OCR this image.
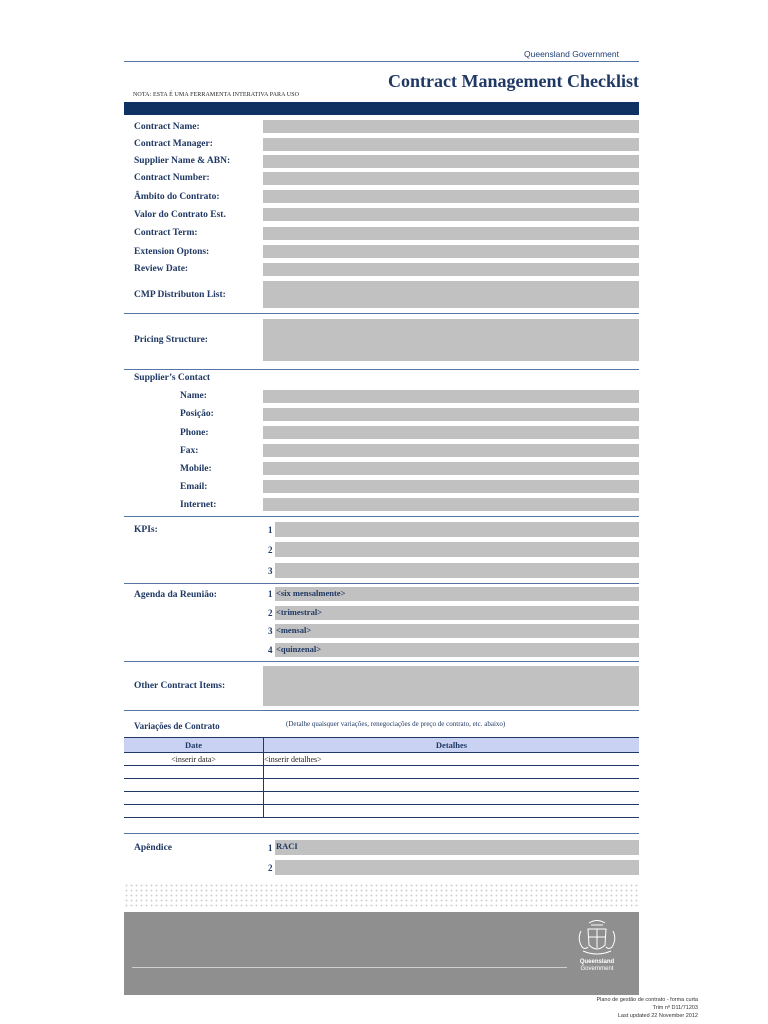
Queensland Government
Contract Management Checklist
NOTA: ESTA É UMA FERRAMENTA INTERATIVA PARA USO
Contract Name:
Contract Manager:
Supplier Name & ABN:
Contract Number:
Âmbito do Contrato:
Valor do Contrato Est.
Contract Term:
Extension Optons:
Review Date:
CMP Distributon List:
Pricing Structure:
Supplier’s Contact
Name:
Posição:
Phone:
Fax:
Mobile:
Email:
Internet:
KPIs:	1
2
3
Agenda da Reunião:	1 <six mensalmente>
2 <trimestral>
3 <mensal>
4 <quinzenal>
Other Contract Items:
Variações de Contrato	(Detalhe quaisquer variações, renegociações de preço de contrato, etc. abaixo)
Date	Detalhes
<inserir data>	<inserir detalhes>

Apêndice	1 RACI
2
Queensland
Government
Plano de gestão de contrato - forma curta
Trim nº D11/71203
Last updated 22 November 2012
